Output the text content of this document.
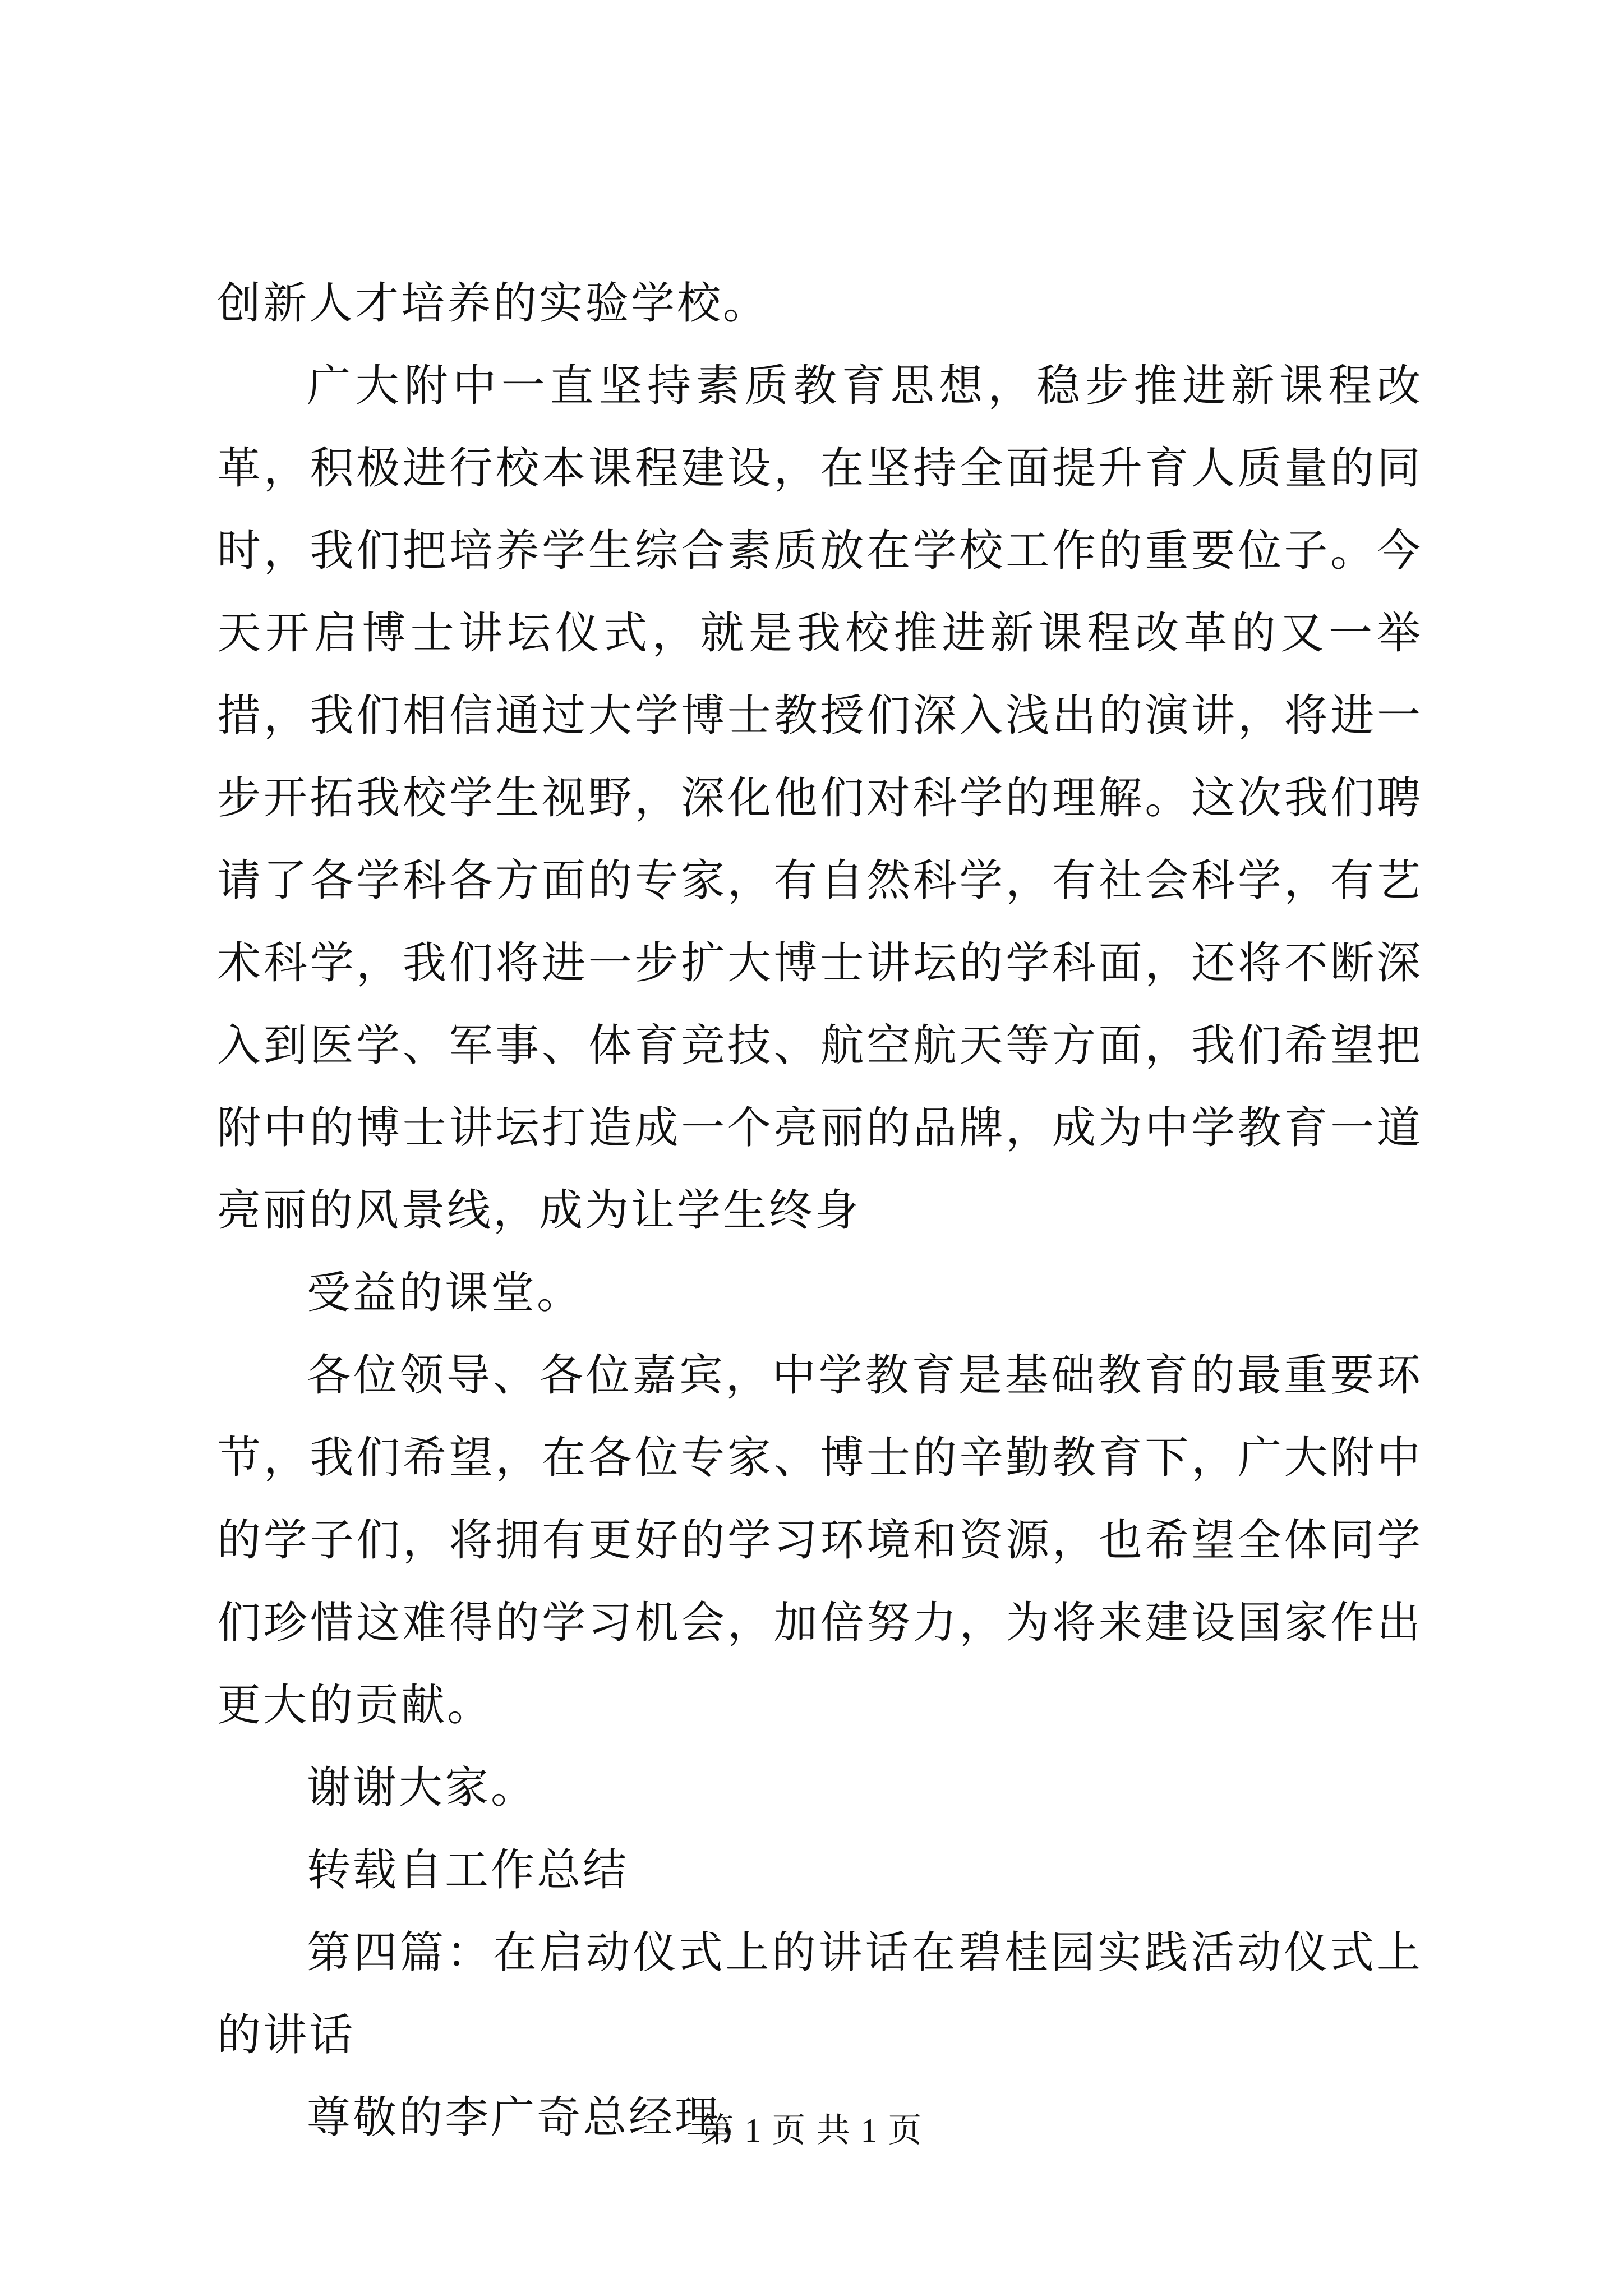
创新人才培养的实验学校。

广大附中一直坚持素质教育思想，稳步推进新课程改革，积极进行校本课程建设，在坚持全面提升育人质量的同时，我们把培养学生综合素质放在学校工作的重要位子。今天开启博士讲坛仪式，就是我校推进新课程改革的又一举措，我们相信通过大学博士教授们深入浅出的演讲，将进一步开拓我校学生视野，深化他们对科学的理解。这次我们聘请了各学科各方面的专家，有自然科学，有社会科学，有艺术科学，我们将进一步扩大博士讲坛的学科面，还将不断深入到医学、军事、体育竞技、航空航天等方面，我们希望把附中的博士讲坛打造成一个亮丽的品牌，成为中学教育一道亮丽的风景线，成为让学生终身

受益的课堂。

各位领导、各位嘉宾，中学教育是基础教育的最重要环节，我们希望，在各位专家、博士的辛勤教育下，广大附中的学子们，将拥有更好的学习环境和资源，也希望全体同学们珍惜这难得的学习机会，加倍努力，为将来建设国家作出更大的贡献。

谢谢大家。

转载自工作总结

第四篇：在启动仪式上的讲话在碧桂园实践活动仪式上的讲话

尊敬的李广奇总经理，

第 1 页 共 1 页
